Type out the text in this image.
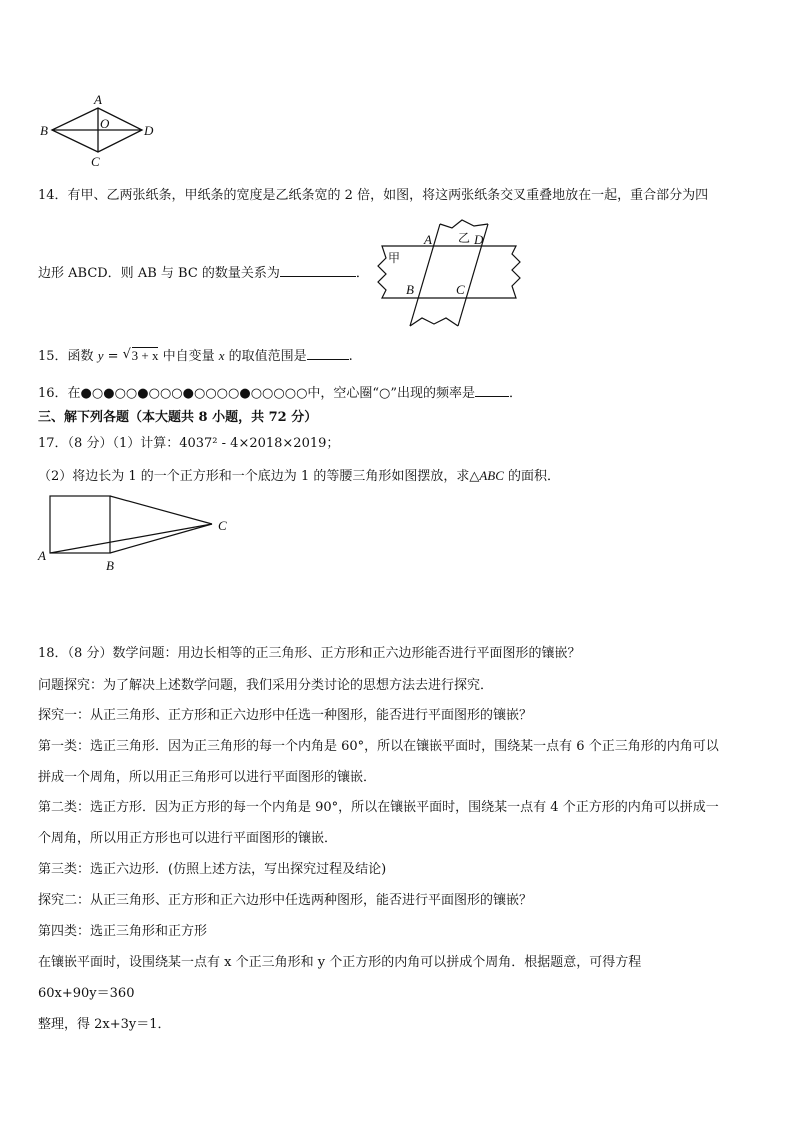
A
B	O	D
C
14．有甲、乙两张纸条，甲纸条的宽度是乙纸条宽的 2 倍，如图，将这两张纸条交叉重叠地放在一起，重合部分为四
边形 ABCD．则 AB 与 BC 的数量关系为	．
A 乙 D
甲
B	C
15．函数 y = √ 3 + x 中自变量 x 的取值范围是	.
16．在●○●○○●○○○●○○○○●○○○○○中，空心圈“○”出现的频率是	．
三、解下列各题（本大题共 8 小题，共 72 分）
17．（8 分）（1）计算：4037² - 4×2018×2019；
（2）将边长为 1 的一个正方形和一个底边为 1 的等腰三角形如图摆放，求△ABC 的面积．
C
A
B
18．（8 分）数学问题：用边长相等的正三角形、正方形和正六边形能否进行平面图形的镶嵌？
问题探究：为了解决上述数学问题，我们采用分类讨论的思想方法去进行探究．
探究一：从正三角形、正方形和正六边形中任选一种图形，能否进行平面图形的镶嵌？
第一类：选正三角形．因为正三角形的每一个内角是 60°，所以在镶嵌平面时，围绕某一点有 6 个正三角形的内角可以
拼成一个周角，所以用正三角形可以进行平面图形的镶嵌．
第二类：选正方形．因为正方形的每一个内角是 90°，所以在镶嵌平面时，围绕某一点有 4 个正方形的内角可以拼成一
个周角，所以用正方形也可以进行平面图形的镶嵌．
第三类：选正六边形．(仿照上述方法，写出探究过程及结论)
探究二：从正三角形、正方形和正六边形中任选两种图形，能否进行平面图形的镶嵌？
第四类：选正三角形和正方形
在镶嵌平面时，设围绕某一点有 x 个正三角形和 y 个正方形的内角可以拼成个周角．根据题意，可得方程
60x+90y＝360
整理，得 2x+3y＝1．
